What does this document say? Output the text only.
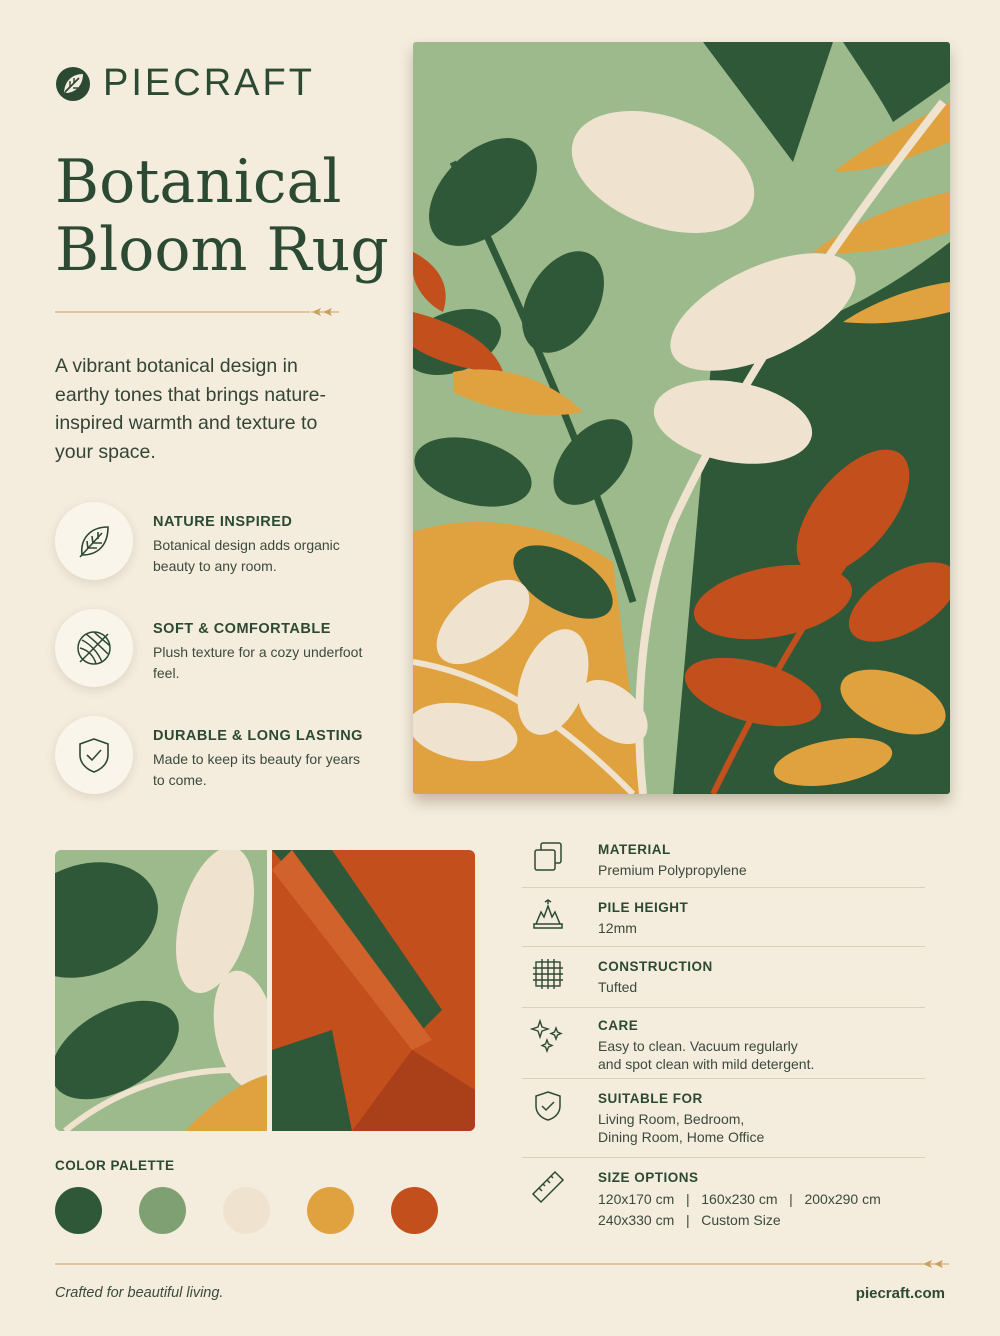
PIECRAFT
Botanical
Bloom Rug

A vibrant botanical design in earthy tones that brings nature-inspired warmth and texture to your space.

NATURE INSPIRED
Botanical design adds organic beauty to any room.
SOFT & COMFORTABLE
Plush texture for a cozy underfoot feel.
DURABLE & LONG LASTING
Made to keep its beauty for years to come.
COLOR PALETTE
MATERIAL
Premium Polypropylene
PILE HEIGHT
12mm
CONSTRUCTION
Tufted
CARE
Easy to clean. Vacuum regularly
and spot clean with mild detergent.
SUITABLE FOR
Living Room, Bedroom,
Dining Room, Home Office
SIZE OPTIONS
120x170 cm   |   160x230 cm   |   200x290 cm
240x330 cm   |   Custom Size
Crafted for beautiful living.	piecraft.com
